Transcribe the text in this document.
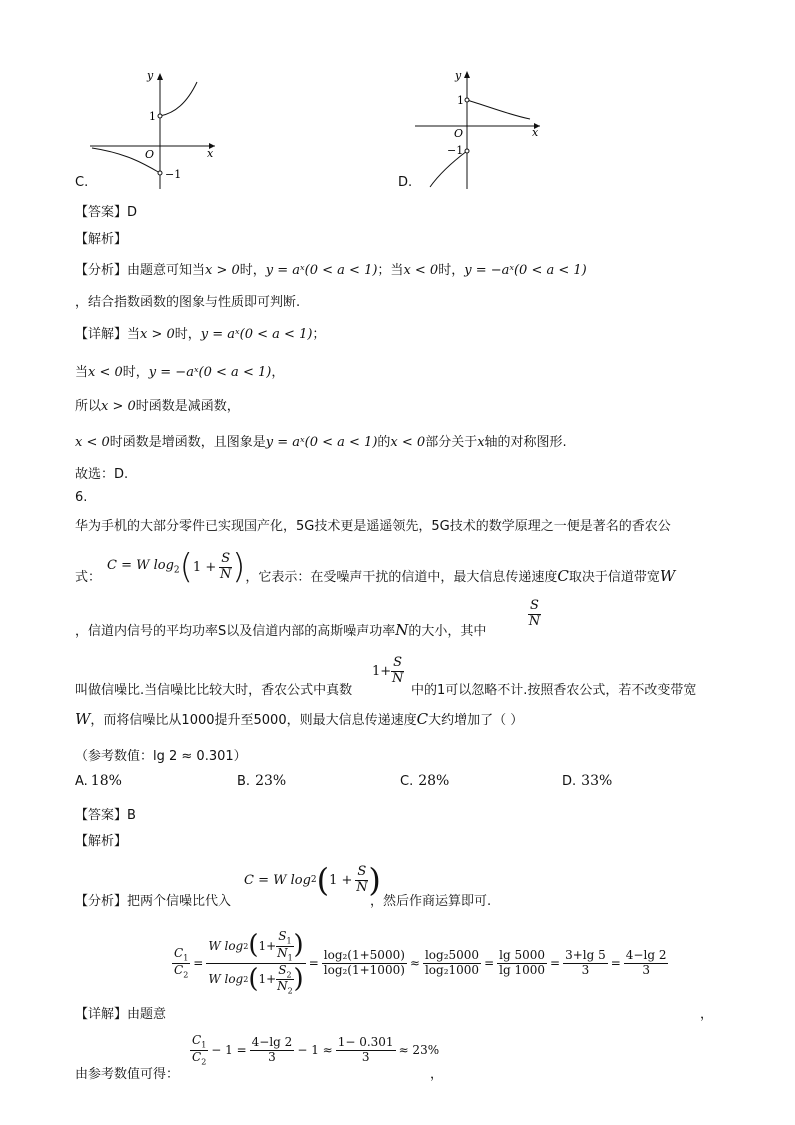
y
x
O
1
−1
C.
y
x
O
1
−1
D.
【答案】D
【解析】
【分析】由题意可知当x > 0时，y = aˣ(0 < a < 1)；当x < 0时，y = −aˣ(0 < a < 1)
，结合指数函数的图象与性质即可判断.
【详解】当x > 0时，y = aˣ(0 < a < 1)；
当x < 0时，y = −aˣ(0 < a < 1)，
所以x > 0时函数是减函数，
x < 0时函数是增函数，且图象是y = aˣ(0 < a < 1)的x < 0部分关于x轴的对称图形.
故选：D.
6.
华为手机的大部分零件已实现国产化，5G技术更是遥遥领先，5G技术的数学原理之一便是著名的香农公
式：
C = W $\log_2$ ( $1 + \frac{S}{N}$ ) ，它表示：在受噪声干扰的信道中，最大信息传递速度C取决于信道带宽W
，信道内信号的平均功率S以及信道内部的高斯噪声功率N的大小，其中
$\frac{S}{N}$
叫做信噪比.当信噪比比较大时，香农公式中真数
$1+ \frac{S}{N}$
中的1可以忽略不计.按照香农公式，若不改变带宽
W，而将信噪比从1000提升至5000，则最大信息传递速度C大约增加了（ ）
（参考数值：lg 2 ≈ 0.301）
A. 18%	B. 23%	C. 28%	D. 33%
【答案】B
【解析】
【分析】把两个信噪比代入
C = W log 2 ( $1 + \frac{S}{N}$ )
，然后作商运算即可.
$\frac{C_1}{C_2} = \frac{W \log 2 ( 1+ \frac{S_1}{N_1} )}{W \log 2 ( 1+ \frac{S_2}{N_2} )} = \frac{\text{log₂(1+5000)}}{\text{log₂(1+1000)}} \approx \frac{\text{log₂5000}}{\text{log₂1000}} = \frac{\lg 5000}{\lg 1000} = \frac{3+\lg 5}{3} = \frac{4-\lg 2}{3}$
【详解】由题意	，
$\frac{C_1}{C_2} - 1 = \frac{4-\lg 2}{3} - 1 \approx \frac{1- 0.301}{3} \approx 23\%$
由参考数值可得：	，
